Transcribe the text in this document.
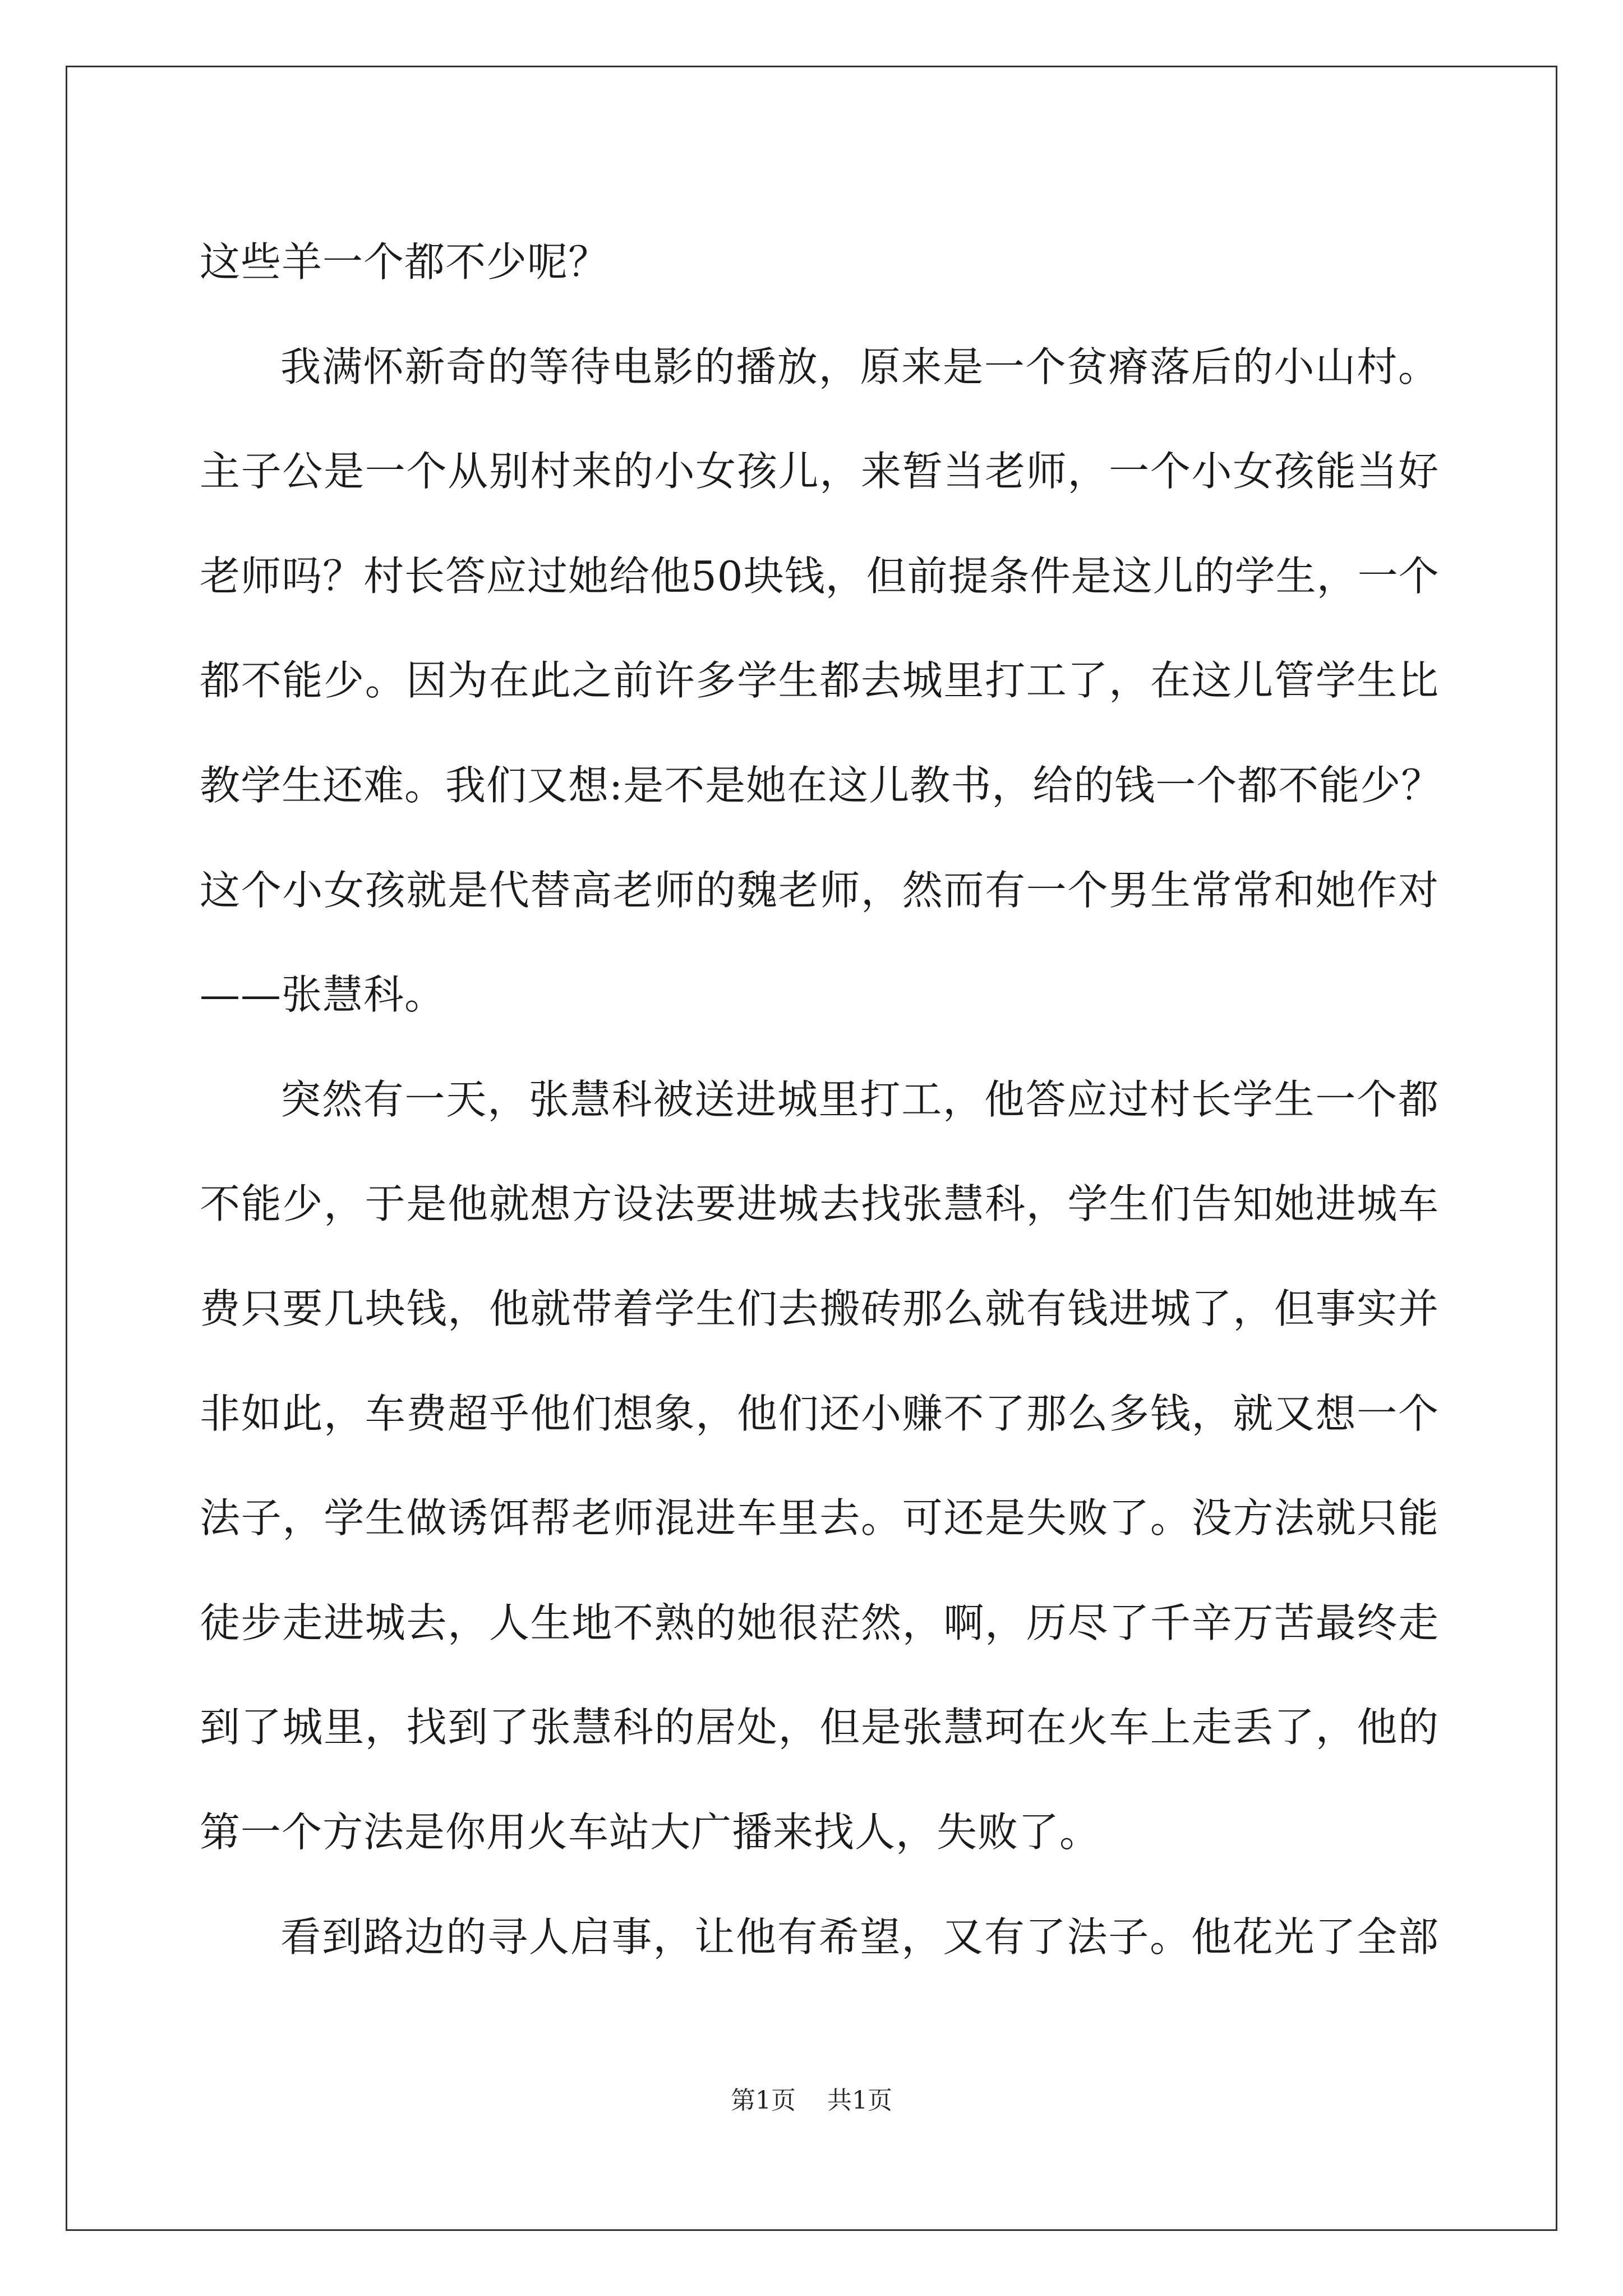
这些羊一个都不少呢？
我满怀新奇的等待电影的播放，原来是一个贫瘠落后的小山村。
主子公是一个从别村来的小女孩儿，来暂当老师，一个小女孩能当好
老师吗？村长答应过她给他50块钱，但前提条件是这儿的学生，一个
都不能少。因为在此之前许多学生都去城里打工了，在这儿管学生比
教学生还难。我们又想:是不是她在这儿教书，给的钱一个都不能少？
这个小女孩就是代替高老师的魏老师，然而有一个男生常常和她作对
——张慧科。
突然有一天，张慧科被送进城里打工，他答应过村长学生一个都
不能少，于是他就想方设法要进城去找张慧科，学生们告知她进城车
费只要几块钱，他就带着学生们去搬砖那么就有钱进城了，但事实并
非如此，车费超乎他们想象，他们还小赚不了那么多钱，就又想一个
法子，学生做诱饵帮老师混进车里去。可还是失败了。没方法就只能
徒步走进城去，人生地不熟的她很茫然，啊，历尽了千辛万苦最终走
到了城里，找到了张慧科的居处，但是张慧珂在火车上走丢了，他的
第一个方法是你用火车站大广播来找人，失败了。
看到路边的寻人启事，让他有希望，又有了法子。他花光了全部
第1页 共1页
